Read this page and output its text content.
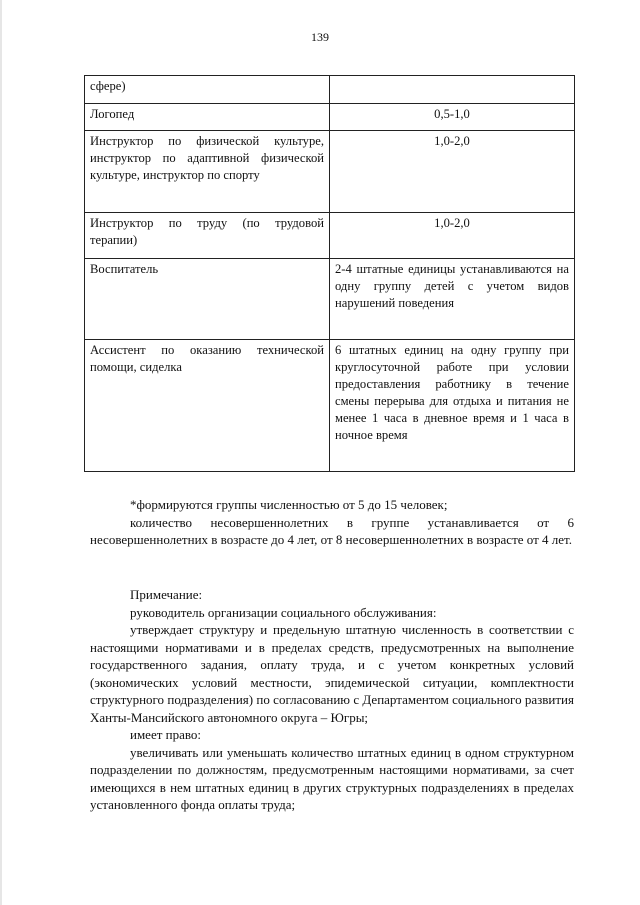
139
сфере)	
Логопед	0,5-1,0
Инструктор по физической культуре, инструктор по адаптивной физической культуре, инструктор по спорту	1,0-2,0
Инструктор по труду (по трудовой терапии)	1,0-2,0
Воспитатель	2-4 штатные единицы устанавливаются на одну группу детей с учетом видов нарушений поведения
Ассистент по оказанию технической помощи, сиделка	6 штатных единиц на одну группу при круглосуточной работе при условии предоставления работнику в течение смены перерыва для отдыха и питания не менее 1 часа в дневное время и 1 часа в ночное время

*формируются группы численностью от 5 до 15 человек;

количество несовершеннолетних в группе устанавливается от 6 несовершеннолетних в возрасте до 4 лет, от 8 несовершеннолетних в возрасте от 4 лет.

Примечание:

руководитель организации социального обслуживания:

утверждает структуру и предельную штатную численность в соответствии с настоящими нормативами и в пределах средств, предусмотренных на выполнение государственного задания, оплату труда, и с учетом конкретных условий (экономических условий местности, эпидемической ситуации, комплектности структурного подразделения) по согласованию с Департаментом социального развития Ханты-Мансийского автономного округа – Югры;

имеет право:

увеличивать или уменьшать количество штатных единиц в одном структурном подразделении по должностям, предусмотренным настоящими нормативами, за счет имеющихся в нем штатных единиц в других структурных подразделениях в пределах установленного фонда оплаты труда;
